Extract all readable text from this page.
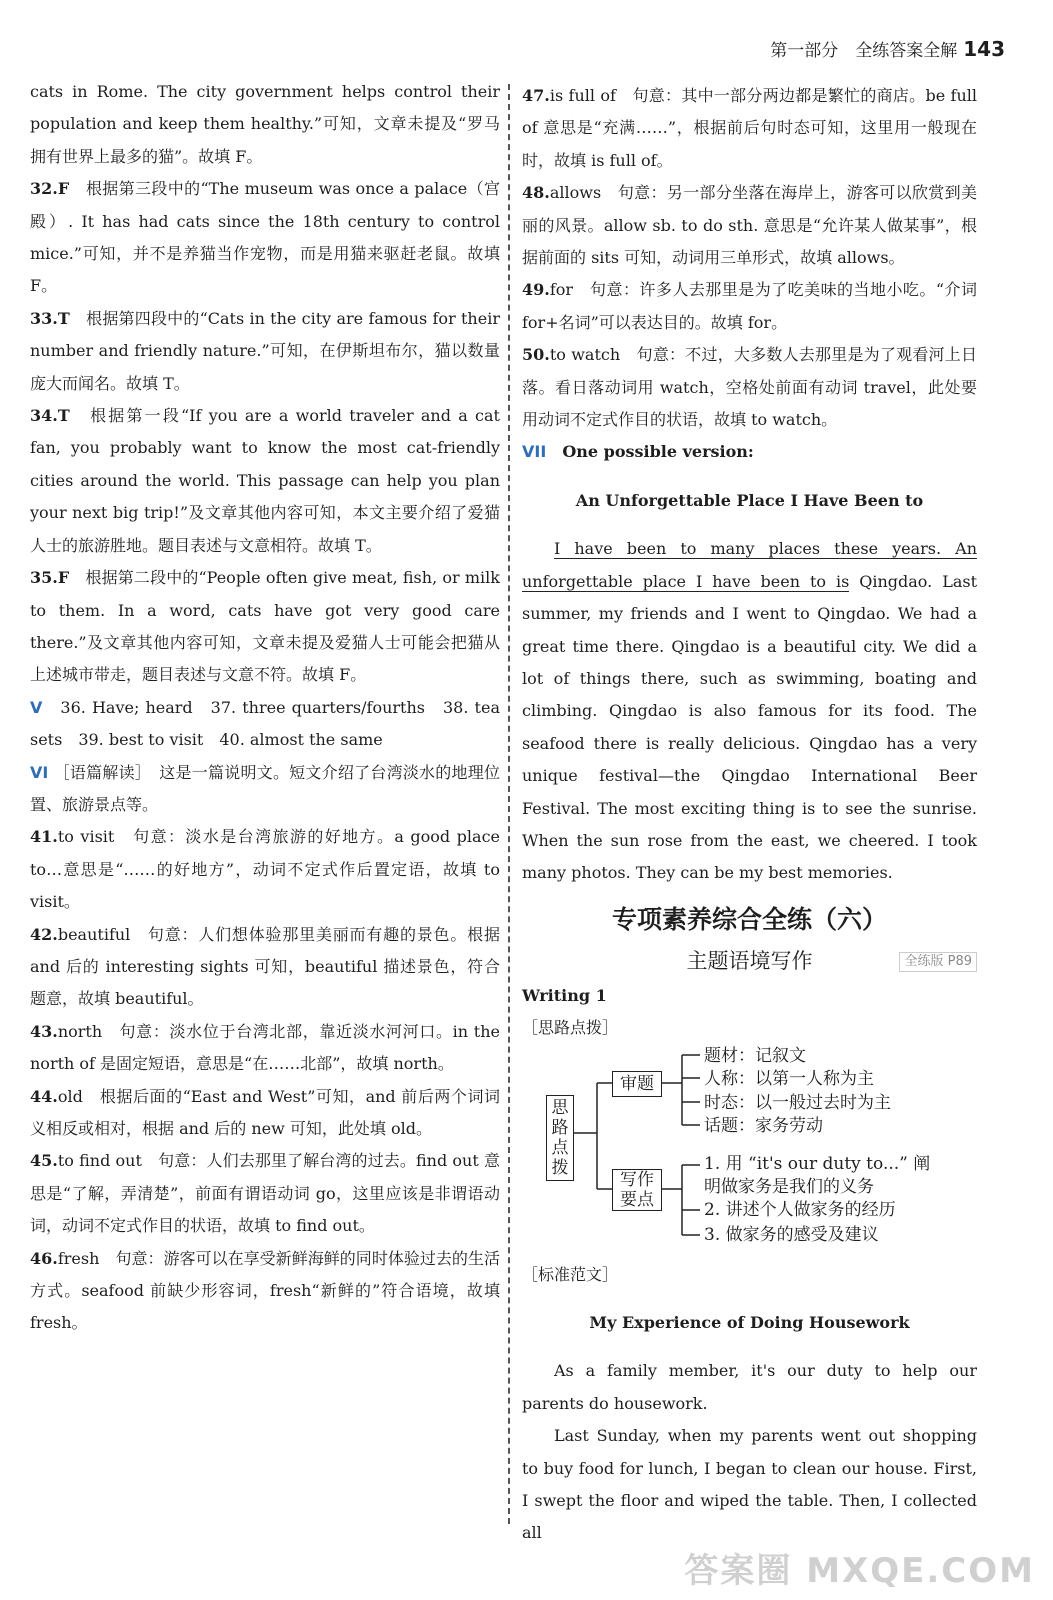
第一部分　全练答案全解 143

cats in Rome. The city government helps control their population and keep them healthy.”可知，文章未提及“罗马拥有世界上最多的猫”。故填 F。

32.F　 根据第三段中的“The museum was once a palace（宫殿）. It has had cats since the 18th century to control mice.”可知，并不是养猫当作宠物，而是用猫来驱赶老鼠。故填 F。

33.T　 根据第四段中的“Cats in the city are famous for their number and friendly nature.”可知，在伊斯坦布尔，猫以数量庞大而闻名。故填 T。

34.T　 根据第一段“If you are a world traveler and a cat fan, you probably want to know the most cat-friendly cities around the world. This passage can help you plan your next big trip!”及文章其他内容可知，本文主要介绍了爱猫人士的旅游胜地。题目表述与文意相符。故填 T。

35.F　 根据第二段中的“People often give meat, fish, or milk to them. In a word, cats have got very good care there.”及文章其他内容可知，文章未提及爱猫人士可能会把猫从上述城市带走，题目表述与文意不符。故填 F。

V　 36. Have; heard　37. three quarters/fourths　38. tea sets　39. best to visit　40. almost the same

VI ［语篇解读］　这是一篇说明文。短文介绍了台湾淡水的地理位置、旅游景点等。

41.to visit　 句意：淡水是台湾旅游的好地方。a good place to…意思是“……的好地方”，动词不定式作后置定语，故填 to visit。

42.beautiful　 句意：人们想体验那里美丽而有趣的景色。根据 and 后的 interesting sights 可知，beautiful 描述景色，符合题意，故填 beautiful。

43.north　 句意：淡水位于台湾北部，靠近淡水河河口。in the north of 是固定短语，意思是“在……北部”，故填 north。

44.old　 根据后面的“East and West”可知，and 前后两个词词义相反或相对，根据 and 后的 new 可知，此处填 old。

45.to find out　 句意：人们去那里了解台湾的过去。find out 意思是“了解，弄清楚”，前面有谓语动词 go，这里应该是非谓语动词，动词不定式作目的状语，故填 to find out。

46.fresh　 句意：游客可以在享受新鲜海鲜的同时体验过去的生活方式。seafood 前缺少形容词，fresh“新鲜的”符合语境，故填 fresh。

47.is full of　 句意：其中一部分两边都是繁忙的商店。be full of 意思是“充满……”，根据前后句时态可知，这里用一般现在时，故填 is full of。

48.allows　 句意：另一部分坐落在海岸上，游客可以欣赏到美丽的风景。allow sb. to do sth. 意思是“允许某人做某事”，根据前面的 sits 可知，动词用三单形式，故填 allows。

49.for　 句意：许多人去那里是为了吃美味的当地小吃。“介词 for+名词”可以表达目的。故填 for。

50.to watch　 句意：不过，大多数人去那里是为了观看河上日落。看日落动词用 watch，空格处前面有动词 travel，此处要用动词不定式作目的状语，故填 to watch。

VII　 One possible version:

An Unforgettable Place I Have Been to

I have been to many places these years. An unforgettable place I have been to is Qingdao. Last summer, my friends and I went to Qingdao. We had a great time there. Qingdao is a beautiful city. We did a lot of things there, such as swimming, boating and climbing. Qingdao is also famous for its food. The seafood there is really delicious. Qingdao has a very unique festival—the Qingdao International Beer Festival. The most exciting thing is to see the sunrise. When the sun rose from the east, we cheered. I took many photos. They can be my best memories.

专项素养综合全练（六）
主题语境写作	全练版 P89

Writing 1

［思路点拨］

思路点拨
审题
写作要点
题材：记叙文
人称：以第一人称为主
时态：以一般过去时为主
话题：家务劳动
1. 用 “it's our duty to...” 阐明做家务是我们的义务
2. 讲述个人做家务的经历
3. 做家务的感受及建议

［标准范文］

My Experience of Doing Housework

As a family member, it's our duty to help our parents do housework.

Last Sunday, when my parents went out shopping to buy food for lunch, I began to clean our house. First, I swept the floor and wiped the table. Then, I collected all

答案圈 MXQE.COM
